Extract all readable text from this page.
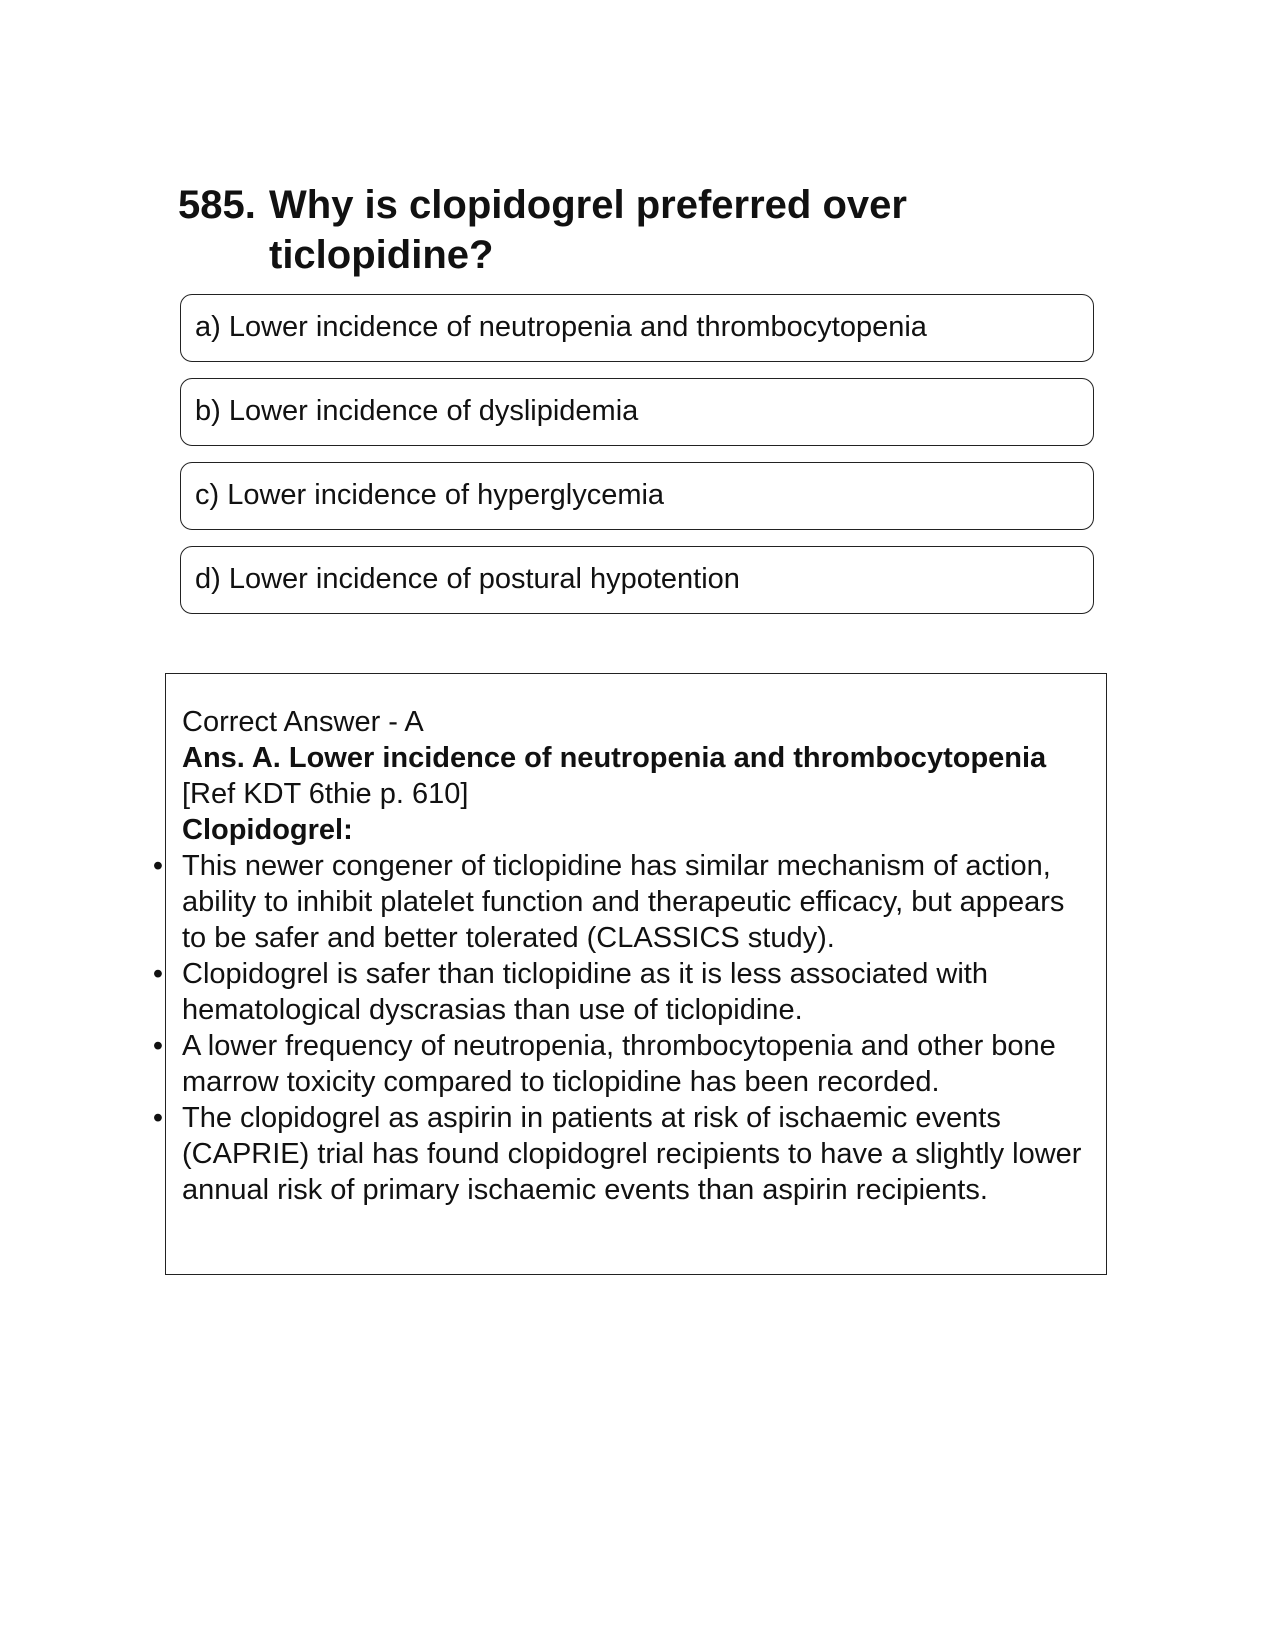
585. Why is clopidogrel preferred over ticlopidine?
a) Lower incidence of neutropenia and thrombocytopenia
b) Lower incidence of dyslipidemia
c) Lower incidence of hyperglycemia
d) Lower incidence of postural hypotention

Correct Answer - A

Ans. A. Lower incidence of neutropenia and thrombocytopenia

[Ref KDT 6thie p. 610]

Clopidogrel:

• This newer congener of ticlopidine has similar mechanism of action, ability to inhibit platelet function and therapeutic efficacy, but appears to be safer and better tolerated (CLASSICS study).
• Clopidogrel is safer than ticlopidine as it is less associated with hematological dyscrasias than use of ticlopidine.
• A lower frequency of neutropenia, thrombocytopenia and other bone marrow toxicity compared to ticlopidine has been recorded.
• The clopidogrel as aspirin in patients at risk of ischaemic events (CAPRIE) trial has found clopidogrel recipients to have a slightly lower annual risk of primary ischaemic events than aspirin recipients.
